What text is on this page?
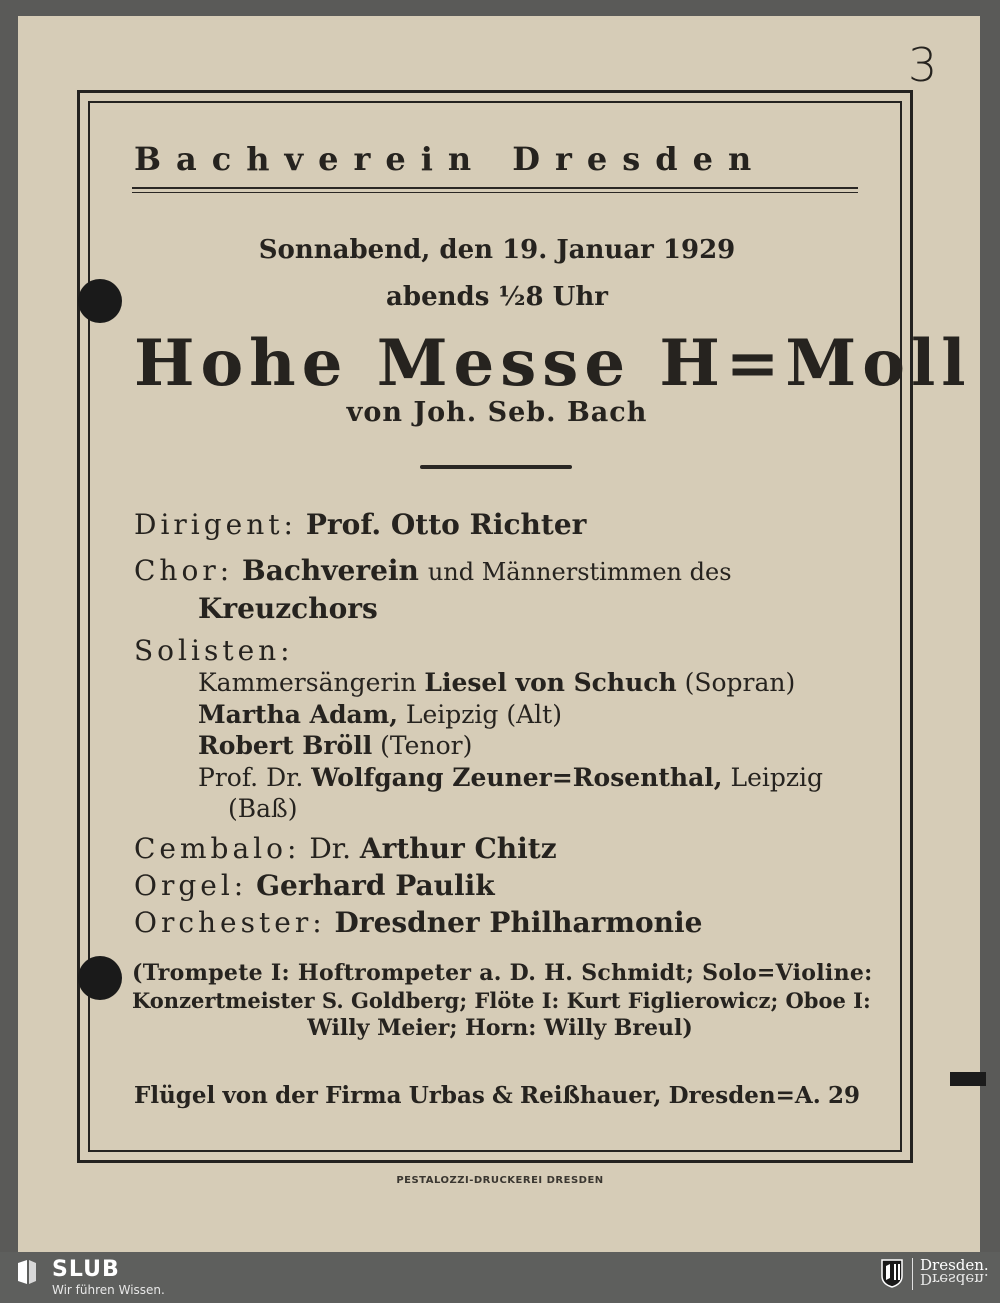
3
Bachverein Dresden
Sonnabend, den 19. Januar 1929
abends ½8 Uhr
Hohe Messe H=Moll
von Joh. Seb. Bach
Dirigent: Prof. Otto Richter
Chor: Bachverein und Männerstimmen des
Kreuzchors
Solisten:
Kammersängerin Liesel von Schuch (Sopran)
Martha Adam, Leipzig (Alt)
Robert Bröll (Tenor)
Prof. Dr. Wolfgang Zeuner=Rosenthal, Leipzig
(Baß)
Cembalo: Dr. Arthur Chitz
Orgel: Gerhard Paulik
Orchester: Dresdner Philharmonie
(Trompete I: Hoftrompeter a. D. H. Schmidt; Solo=Violine:
Konzertmeister S. Goldberg; Flöte I: Kurt Figlierowicz; Oboe I:
Willy Meier; Horn: Willy Breul)
Flügel von der Firma Urbas & Reißhauer, Dresden=A. 29
PESTALOZZI-DRUCKEREI DRESDEN
SLUB
Wir führen Wissen.
Dresden.
Dresden.
